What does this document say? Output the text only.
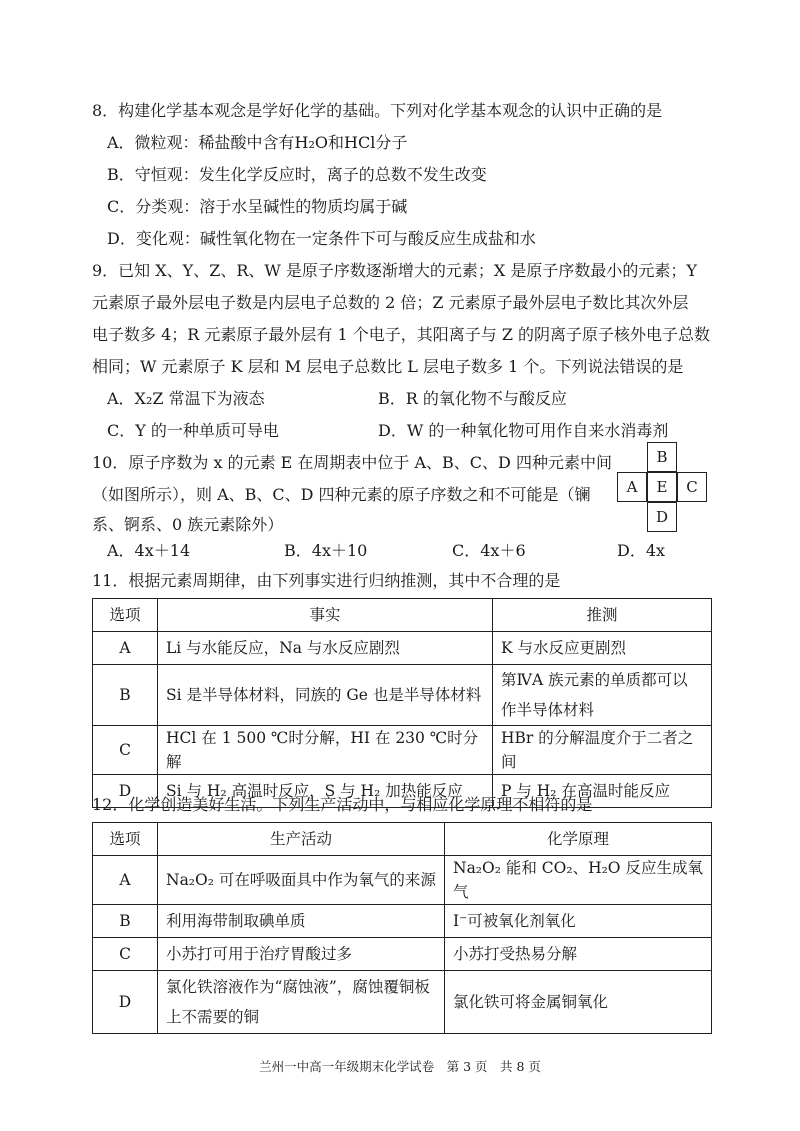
8．构建化学基本观念是学好化学的基础。下列对化学基本观念的认识中正确的是
A．微粒观：稀盐酸中含有H₂O和HCl分子
B．守恒观：发生化学反应时，离子的总数不发生改变
C．分类观：溶于水呈碱性的物质均属于碱
D．变化观：碱性氧化物在一定条件下可与酸反应生成盐和水
9．已知 X、Y、Z、R、W 是原子序数逐渐增大的元素；X 是原子序数最小的元素；Y
元素原子最外层电子数是内层电子总数的 2 倍；Z 元素原子最外层电子数比其次外层
电子数多 4；R 元素原子最外层有 1 个电子，其阳离子与 Z 的阴离子原子核外电子总数
相同；W 元素原子 K 层和 M 层电子总数比 L 层电子数多 1 个。下列说法错误的是
A．X₂Z 常温下为液态	B．R 的氧化物不与酸反应
C．Y 的一种单质可导电	D．W 的一种氧化物可用作自来水消毒剂
10．原子序数为 x 的元素 E 在周期表中位于 A、B、C、D 四种元素中间
（如图所示），则 A、B、C、D 四种元素的原子序数之和不可能是（镧
系、锕系、0 族元素除外）
A．4x＋14	B．4x＋10	C．4x＋6	D．4x
B
A	E	C
D
11．根据元素周期律，由下列事实进行归纳推测，其中不合理的是
选项	事实	推测
A	Li 与水能反应，Na 与水反应剧烈	K 与水反应更剧烈
B	Si 是半导体材料，同族的 Ge 也是半导体材料	第ⅣA 族元素的单质都可以作半导体材料
C	HCl 在 1 500 ℃时分解，HI 在 230 ℃时分解	HBr 的分解温度介于二者之间
D	Si 与 H₂ 高温时反应，S 与 H₂ 加热能反应	P 与 H₂ 在高温时能反应
12．化学创造美好生活。下列生产活动中，与相应化学原理不相符的是
选项	生产活动	化学原理
A	Na₂O₂ 可在呼吸面具中作为氧气的来源	Na₂O₂ 能和 CO₂、H₂O 反应生成氧气
B	利用海带制取碘单质	I⁻可被氧化剂氧化
C	小苏打可用于治疗胃酸过多	小苏打受热易分解
D	氯化铁溶液作为“腐蚀液”，腐蚀覆铜板上不需要的铜	氯化铁可将金属铜氧化
兰州一中高一年级期末化学试卷　第 3 页　共 8 页
